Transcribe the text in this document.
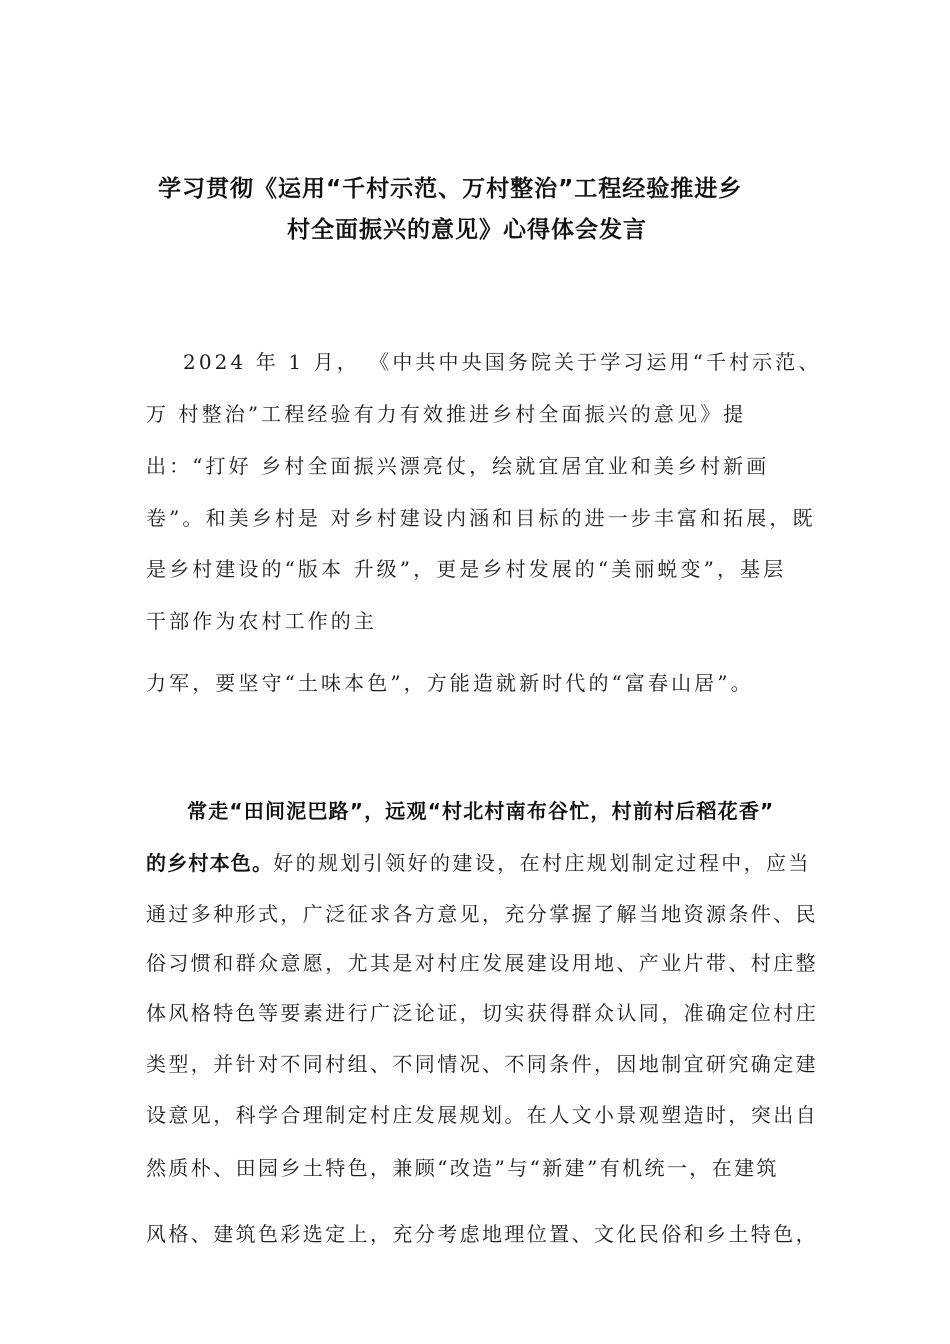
学习贯彻《运用“千村示范、万村整治”工程经验推进乡
村全面振兴的意见》心得体会发言
2024 年 1 月， 《中共中央国务院关于学习运用“千村示范、
万 村整治”工程经验有力有效推进乡村全面振兴的意见》提
出：“打好 乡村全面振兴漂亮仗，绘就宜居宜业和美乡村新画
卷”。和美乡村是 对乡村建设内涵和目标的进一步丰富和拓展，既
是乡村建设的“版本 升级”，更是乡村发展的“美丽蜕变”，基层
干部作为农村工作的主
力军，要坚守“土味本色”，方能造就新时代的“富春山居”。
常走“田间泥巴路”，远观“村北村南布谷忙，村前村后稻花香”
的乡村本色。好的规划引领好的建设，在村庄规划制定过程中，应当
通过多种形式，广泛征求各方意见，充分掌握了解当地资源条件、民
俗习惯和群众意愿，尤其是对村庄发展建设用地、产业片带、村庄整
体风格特色等要素进行广泛论证，切实获得群众认同，准确定位村庄
类型，并针对不同村组、不同情况、不同条件，因地制宜研究确定建
设意见，科学合理制定村庄发展规划。在人文小景观塑造时，突出自
然质朴、田园乡土特色，兼顾“改造”与“新建”有机统一，在建筑
风格、建筑色彩选定上，充分考虑地理位置、文化民俗和乡土特色，
